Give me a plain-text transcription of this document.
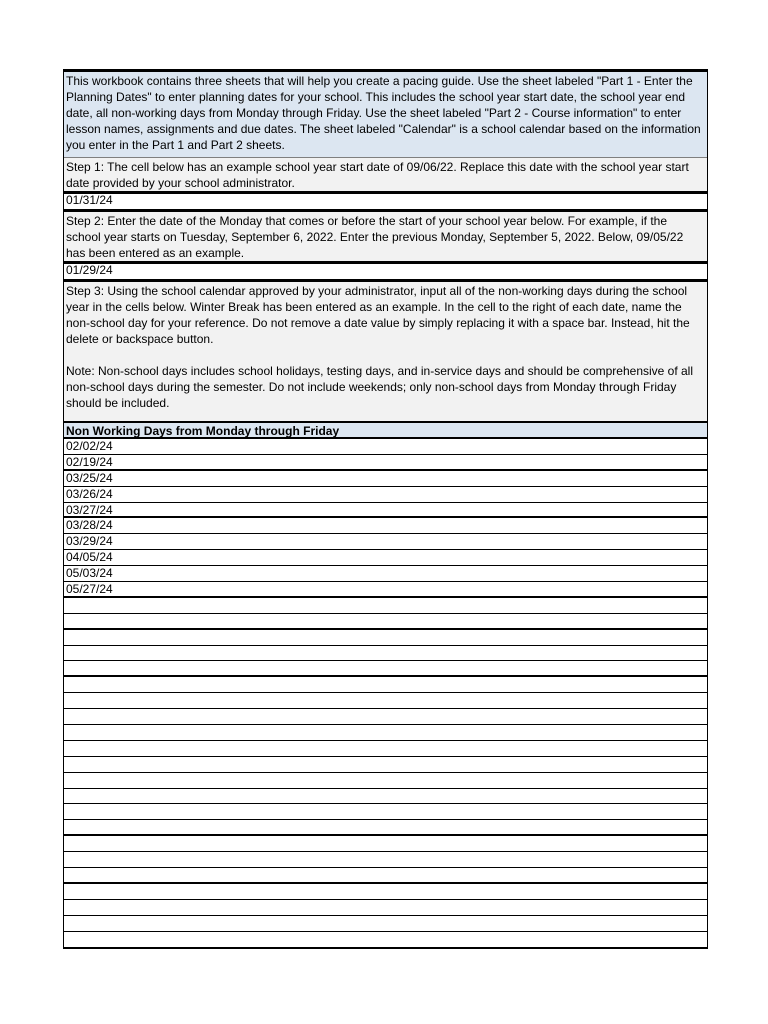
This workbook contains three sheets that will help you create a pacing guide. Use the sheet labeled "Part 1 - Enter the Planning Dates" to enter planning dates for your school. This includes the school year start date, the school year end date, all non-working days from Monday through Friday. Use the sheet labeled "Part 2 - Course information" to enter lesson names, assignments and due dates. The sheet labeled "Calendar" is a school calendar based on the information you enter in the Part 1 and Part 2 sheets.
Step 1: The cell below has an example school year start date of 09/06/22. Replace this date with the school year start date provided by your school administrator.
01/31/24
Step 2: Enter the date of the Monday that comes or before the start of your school year below. For example, if the school year starts on Tuesday, September 6, 2022. Enter the previous Monday, September 5, 2022. Below, 09/05/22 has been entered as an example.
01/29/24

Step 3: Using the school calendar approved by your administrator, input all of the non-working days during the school year in the cells below. Winter Break has been entered as an example. In the cell to the right of each date, name the non-school day for your reference. Do not remove a date value by simply replacing it with a space bar. Instead, hit the delete or backspace button.

Note: Non-school days includes school holidays, testing days, and in-service days and should be comprehensive of all non-school days during the semester. Do not include weekends; only non-school days from Monday through Friday should be included.

Non Working Days from Monday through Friday
02/02/24
02/19/24
03/25/24
03/26/24
03/27/24
03/28/24
03/29/24
04/05/24
05/03/24
05/27/24
